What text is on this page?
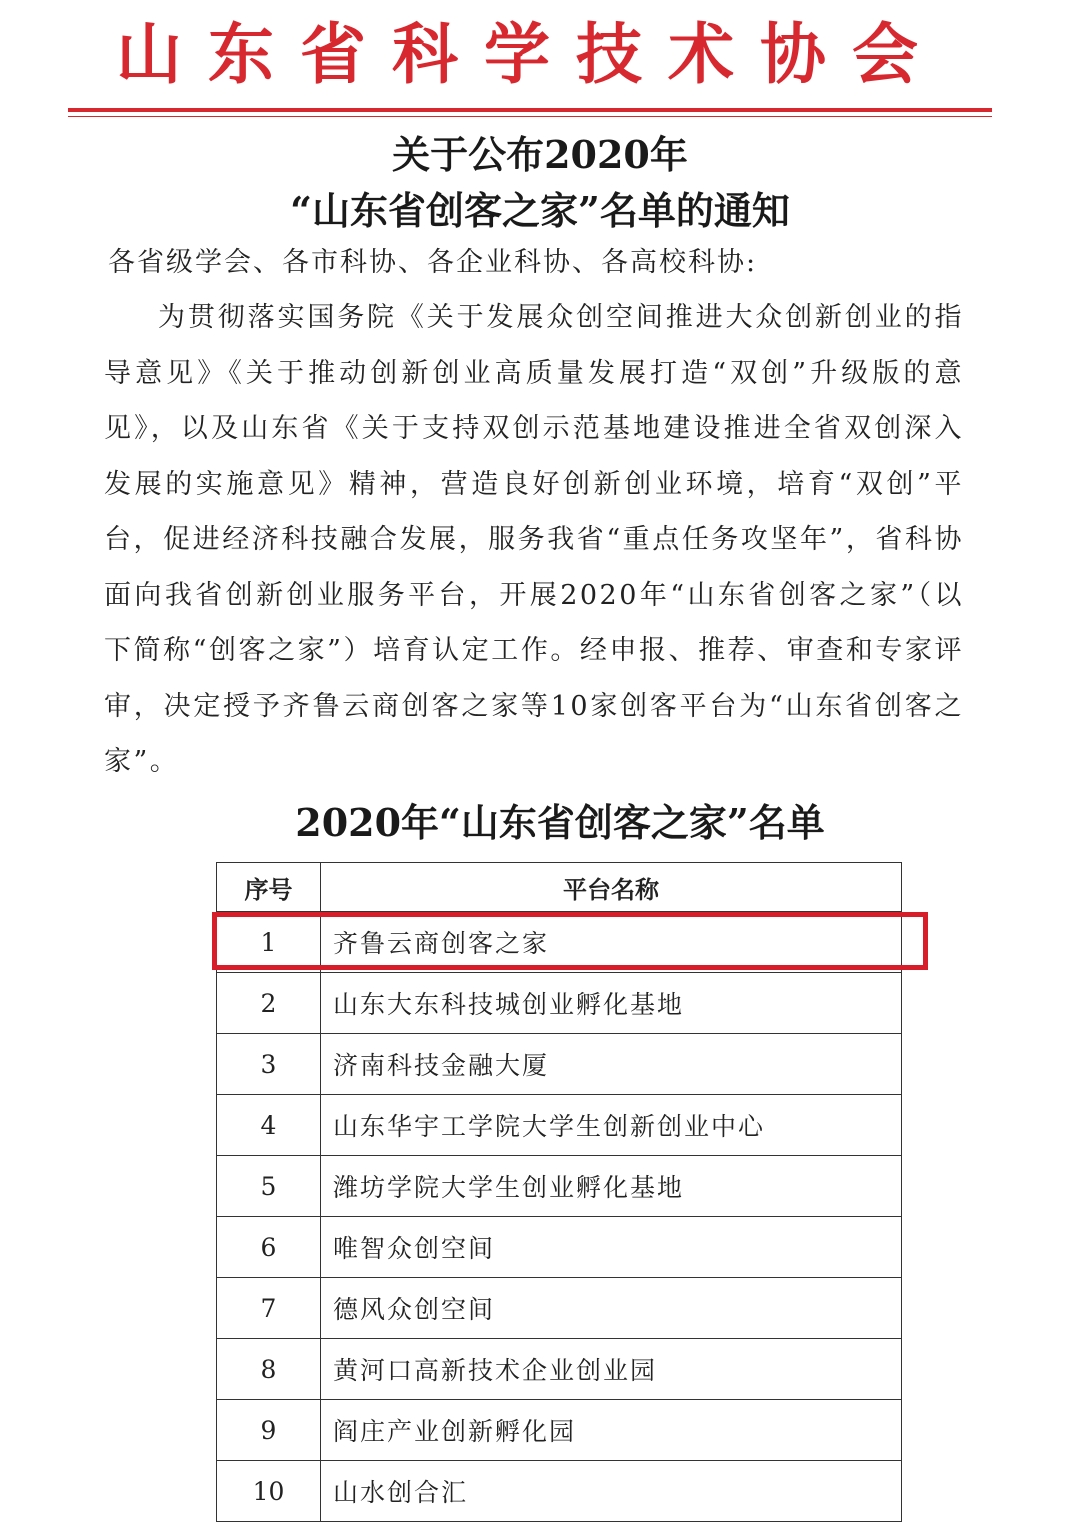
山东省科学技术协会
关于公布2020年
“山东省创客之家”名单的通知
各省级学会、各市科协、各企业科协、各高校科协:
为贯彻落实国务院《关于发展众创空间推进大众创新创业的指导意见》《关于推动创新创业高质量发展打造“双创”升级版的意见》，以及山东省《关于支持双创示范基地建设推进全省双创深入发展的实施意见》精神，营造良好创新创业环境，培育“双创”平台，促进经济科技融合发展，服务我省“重点任务攻坚年”，省科协面向我省创新创业服务平台，开展2020年“山东省创客之家”（以下简称“创客之家”）培育认定工作。经申报、推荐、审查和专家评审，决定授予齐鲁云商创客之家等10家创客平台为“山东省创客之家”。
2020年“山东省创客之家”名单
序号	平台名称
1	齐鲁云商创客之家
2	山东大东科技城创业孵化基地
3	济南科技金融大厦
4	山东华宇工学院大学生创新创业中心
5	潍坊学院大学生创业孵化基地
6	唯智众创空间
7	德风众创空间
8	黄河口高新技术企业创业园
9	阎庄产业创新孵化园
10	山水创合汇
